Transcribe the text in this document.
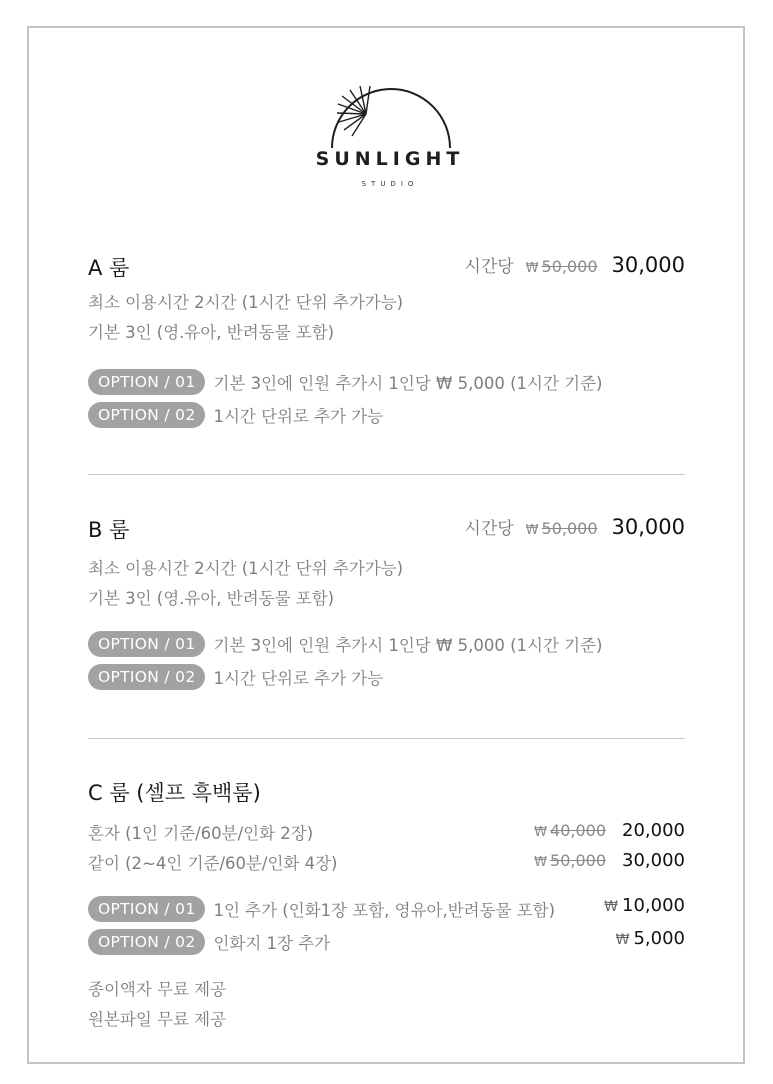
SUNLIGHT
STUDIO
A 룸	시간당 ₩ 50,000 30,000
최소 이용시간 2시간 (1시간 단위 추가가능)
기본 3인 (영.유아, 반려동물 포함)
OPTION / 01	기본 3인에 인원 추가시 1인당 ₩ 5,000 (1시간 기준)
OPTION / 02	1시간 단위로 추가 가능
B 룸	시간당 ₩ 50,000 30,000
최소 이용시간 2시간 (1시간 단위 추가가능)
기본 3인 (영.유아, 반려동물 포함)
OPTION / 01	기본 3인에 인원 추가시 1인당 ₩ 5,000 (1시간 기준)
OPTION / 02	1시간 단위로 추가 가능
C 룸 (셀프 흑백룸)
혼자 (1인 기준/60분/인화 2장)	₩ 40,000 20,000
같이 (2~4인 기준/60분/인화 4장)	₩ 50,000 30,000
OPTION / 01	1인 추가 (인화1장 포함, 영유아,반려동물 포함)	₩ 10,000
OPTION / 02	인화지 1장 추가	₩ 5,000
종이액자 무료 제공
원본파일 무료 제공
